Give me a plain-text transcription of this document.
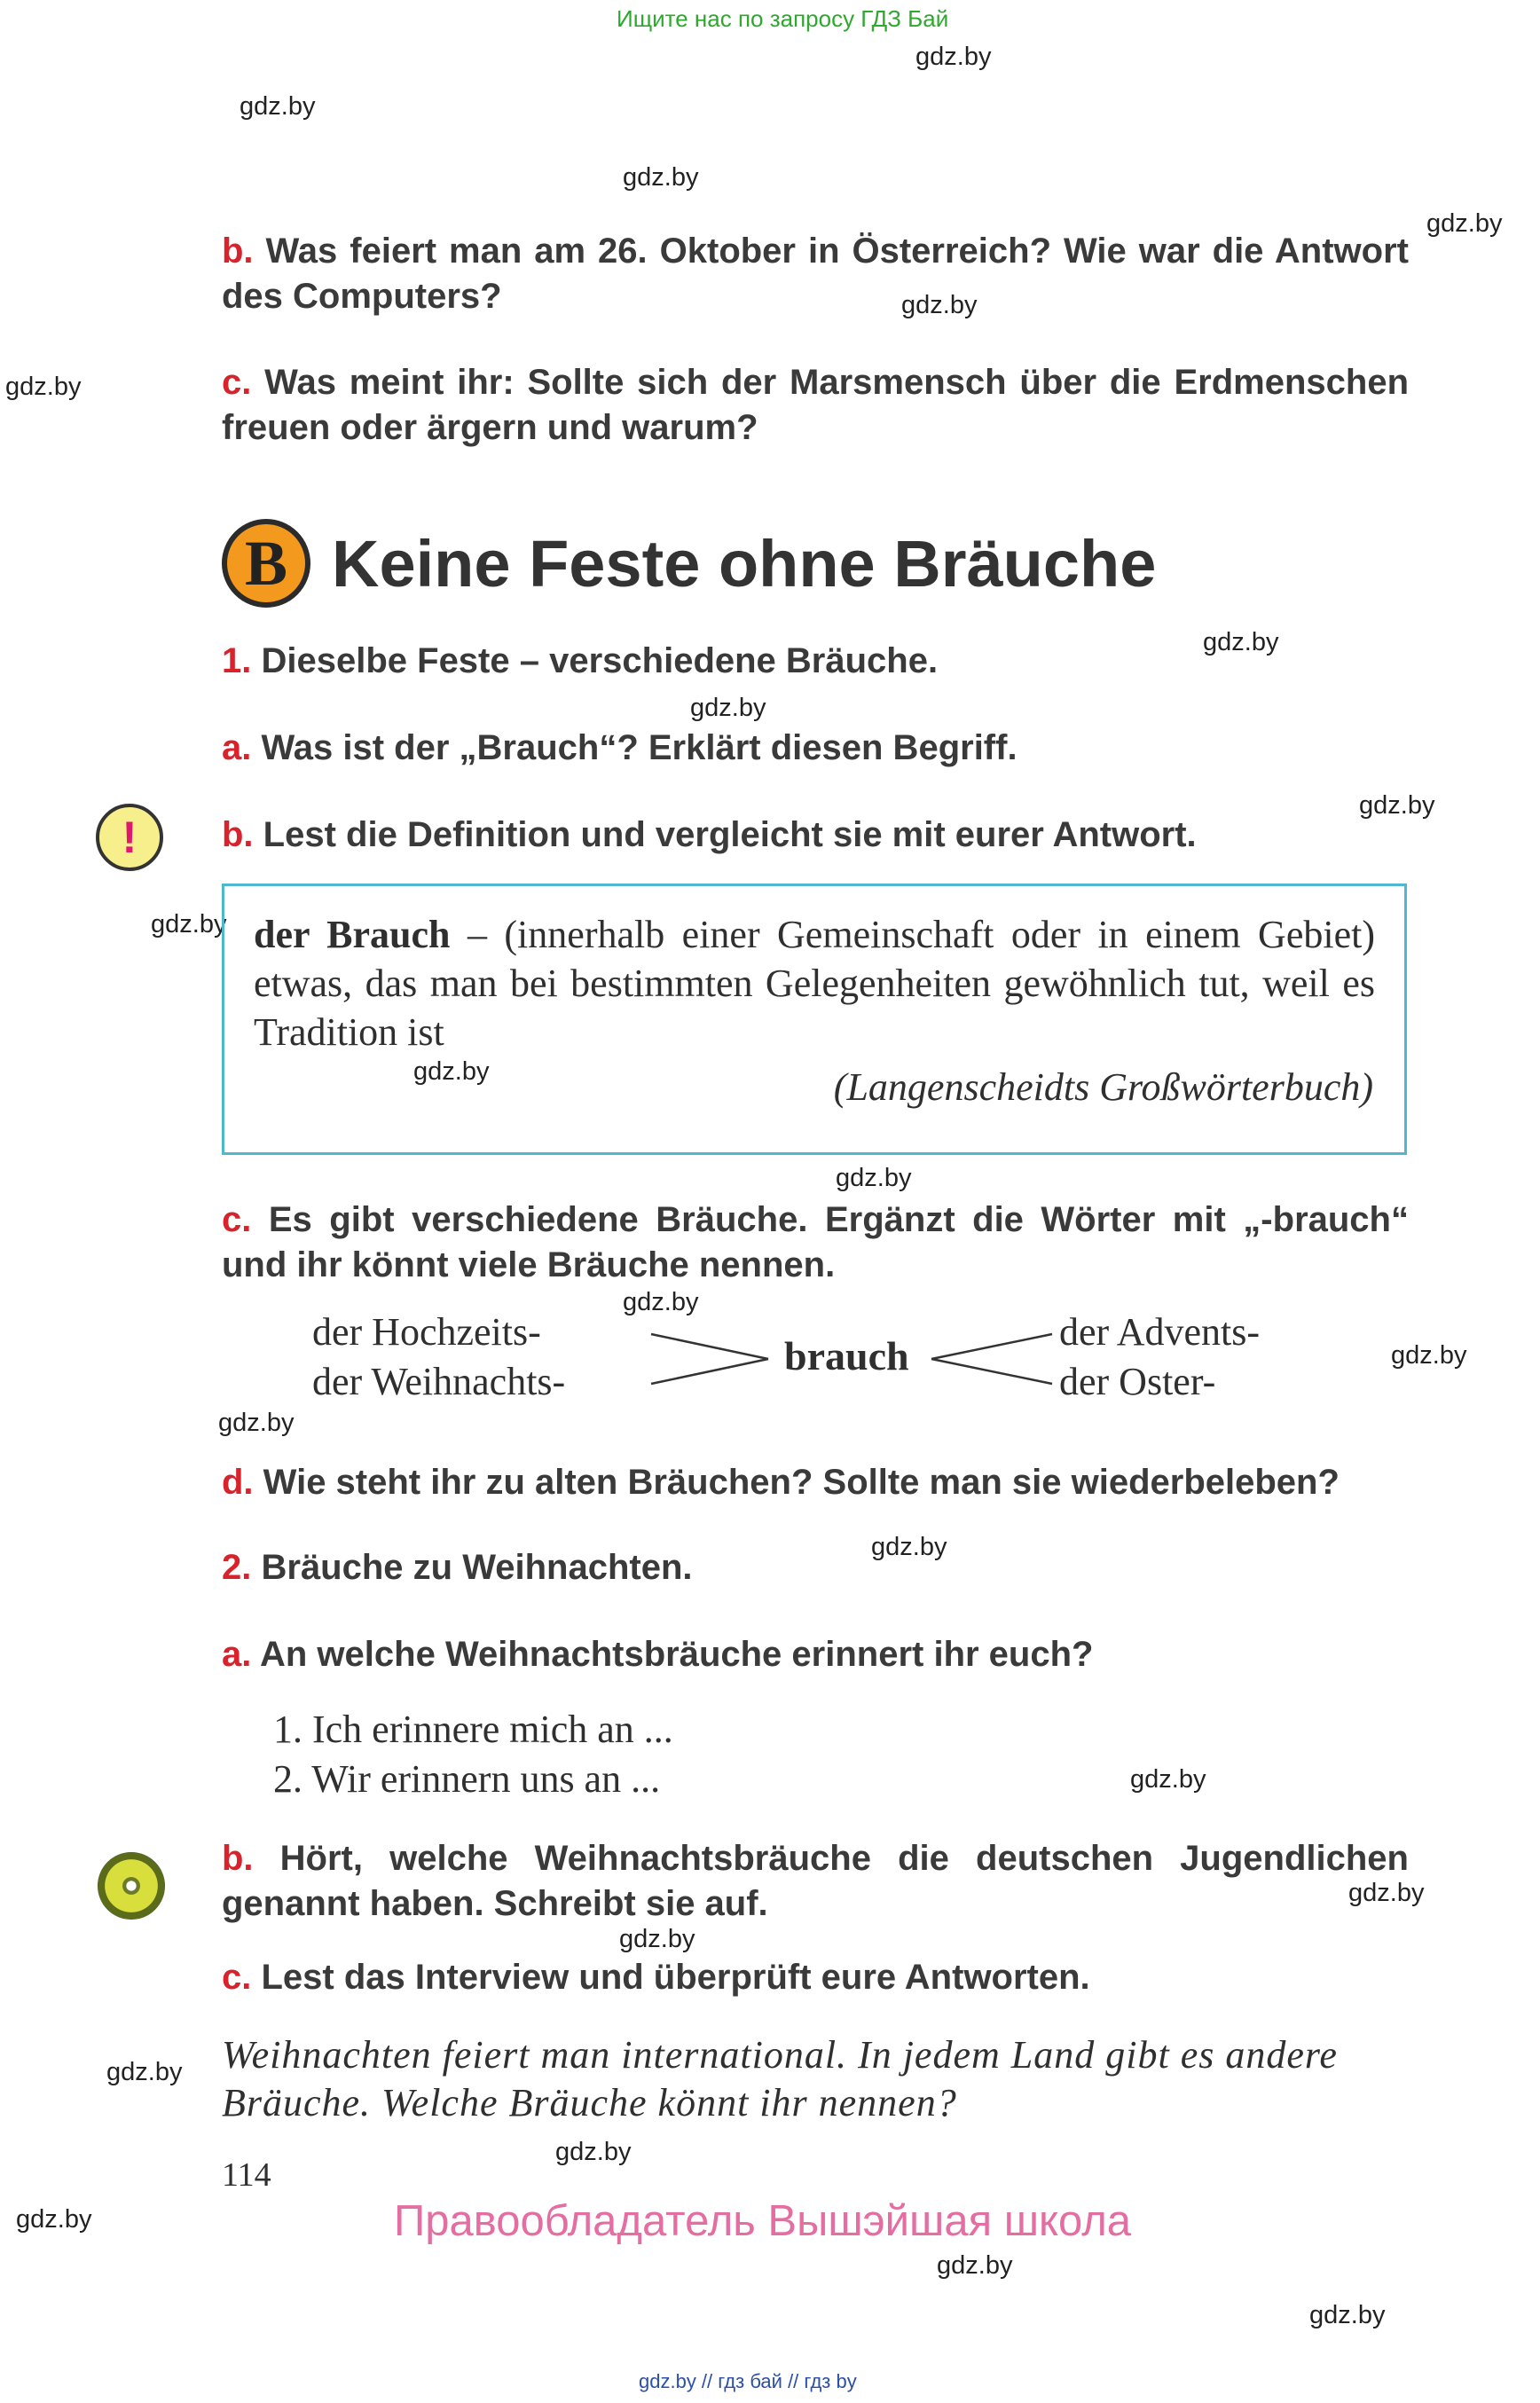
Ищите нас по запросу ГДЗ Бай
gdz.by
gdz.by
gdz.by
gdz.by
gdz.by
gdz.by
gdz.by
gdz.by
gdz.by
gdz.by
gdz.by
gdz.by
gdz.by
gdz.by
gdz.by
gdz.by
gdz.by
gdz.by
gdz.by
gdz.by
gdz.by
gdz.by
gdz.by
gdz.by
b. Was feiert man am 26. Oktober in Österreich? Wie war die Antwort des Computers?
c. Was meint ihr: Sollte sich der Marsmensch über die Erdmenschen freuen oder ärgern und warum?
B Keine Feste ohne Bräuche
1. Dieselbe Feste – verschiedene Bräuche.
a. Was ist der „Brauch“? Erklärt diesen Begriff.
!	b. Lest die Definition und vergleicht sie mit eurer Antwort.
der Brauch – (innerhalb einer Gemeinschaft oder in einem Gebiet) etwas, das man bei bestimmten Gelegenheiten gewöhnlich tut, weil es Tradition ist
(Langenscheidts Großwörterbuch)
c. Es gibt verschiedene Bräuche. Ergänzt die Wörter mit „-brauch“ und ihr könnt viele Bräuche nennen.
der Hochzeits-
der Weihnachts-
brauch
der Advents-
der Oster-
d. Wie steht ihr zu alten Bräuchen? Sollte man sie wiederbeleben?
2. Bräuche zu Weihnachten.
a. An welche Weihnachtsbräuche erinnert ihr euch?
1. Ich erinnere mich an ...
2. Wir erinnern uns an ...
b. Hört, welche Weihnachtsbräuche die deutschen Jugendlichen genannt haben. Schreibt sie auf.
c. Lest das Interview und überprüft eure Antworten.
Weihnachten feiert man international. In jedem Land gibt es andere Bräuche. Welche Bräuche könnt ihr nennen?
114
Правообладатель Вышэйшая школа
gdz.by // гдз бай // гдз by
